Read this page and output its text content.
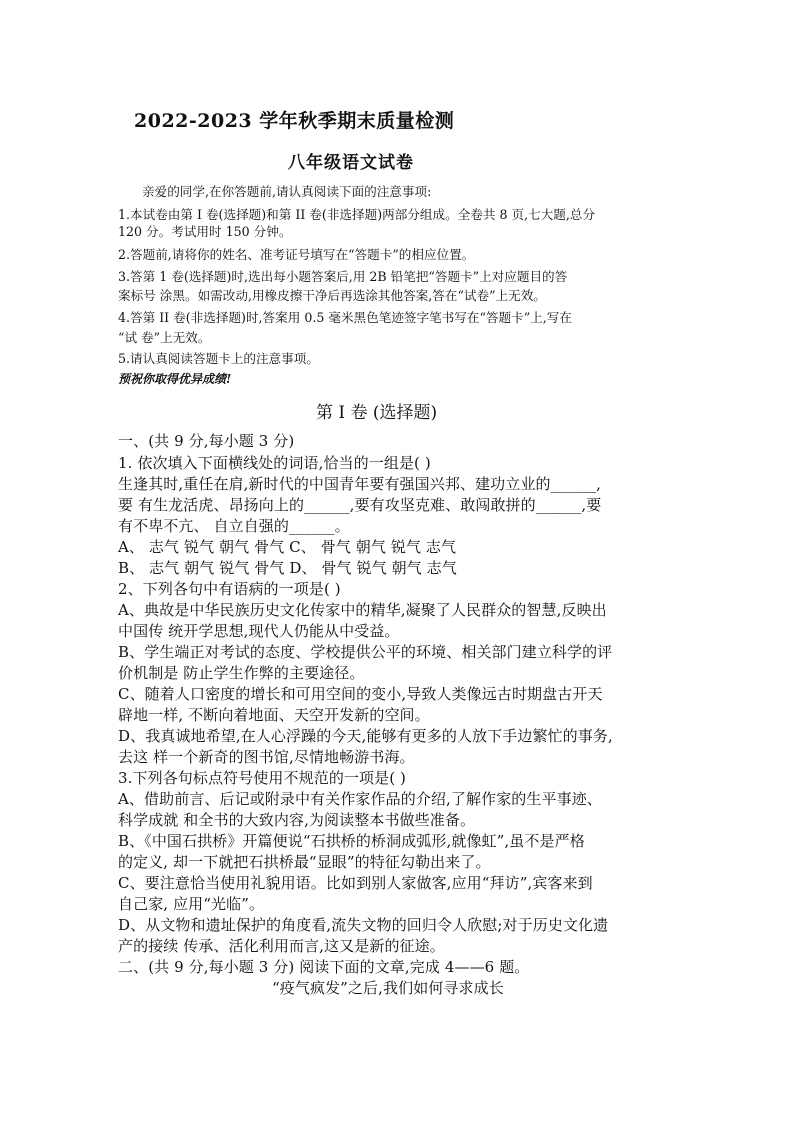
2022-2023 学年秋季期末质量检测
八年级语文试卷
亲爱的同学,在你答题前,请认真阅读下面的注意事项:
1.本试卷由第 I 卷(选择题)和第 II 卷(非选择题)两部分组成。全卷共 8 页,七大题,总分
120 分。考试用时 150 分钟。
2.答题前,请将你的姓名、准考证号填写在“答题卡”的相应位置。
3.答第 1 卷(选择题)时,选出每小题答案后,用 2B 铅笔把“答题卡”上对应题目的答
案标号 涂黑。如需改动,用橡皮擦干净后再选涂其他答案,答在“试卷”上无效。
4.答第 II 卷(非选择题)时,答案用 0.5 毫米黑色笔迹签字笔书写在“答题卡”上,写在
“试 卷”上无效。
5.请认真阅读答题卡上的注意事项。
预祝你取得优异成绩!
第 I 卷 (选择题)
一、(共 9 分,每小题 3 分)
1. 依次填入下面横线处的词语,恰当的一组是( )
生逢其时,重任在肩,新时代的中国青年要有强国兴邦、建功立业的______,
要 有生龙活虎、昂扬向上的______,要有攻坚克难、敢闯敢拼的______,要
有不卑不亢、 自立自强的______。
A、 志气 锐气 朝气 骨气 C、 骨气 朝气 锐气 志气
B、 志气 朝气 锐气 骨气 D、 骨气 锐气 朝气 志气
2、下列各句中有语病的一项是( )
A、典故是中华民族历史文化传家中的精华,凝聚了人民群众的智慧,反映出
中国传 统开学思想,现代人仍能从中受益。
B、学生端正对考试的态度、学校提供公平的环境、相关部门建立科学的评
价机制是 防止学生作弊的主要途径。
C、随着人口密度的增长和可用空间的变小,导致人类像远古时期盘古开天
辟地一样, 不断向着地面、天空开发新的空间。
D、我真诚地希望,在人心浮躁的今天,能够有更多的人放下手边繁忙的事务,
去这 样一个新奇的图书馆,尽情地畅游书海。
3.下列各句标点符号使用不规范的一项是( )
A、借助前言、后记或附录中有关作家作品的介绍,了解作家的生平事迹、
科学成就 和全书的大致内容,为阅读整本书做些准备。
B、《中国石拱桥》开篇便说“石拱桥的桥洞成弧形,就像虹”,虽不是严格
的定义, 却一下就把石拱桥最“显眼”的特征勾勒出来了。
C、要注意恰当使用礼貌用语。比如到别人家做客,应用“拜访”,宾客来到
自己家, 应用“光临”。
D、从文物和遗址保护的角度看,流失文物的回归令人欣慰;对于历史文化遗
产的接续 传承、活化利用而言,这又是新的征途。
二、(共 9 分,每小题 3 分) 阅读下面的文章,完成 4——6 题。
“疫气疯发”之后,我们如何寻求成长
